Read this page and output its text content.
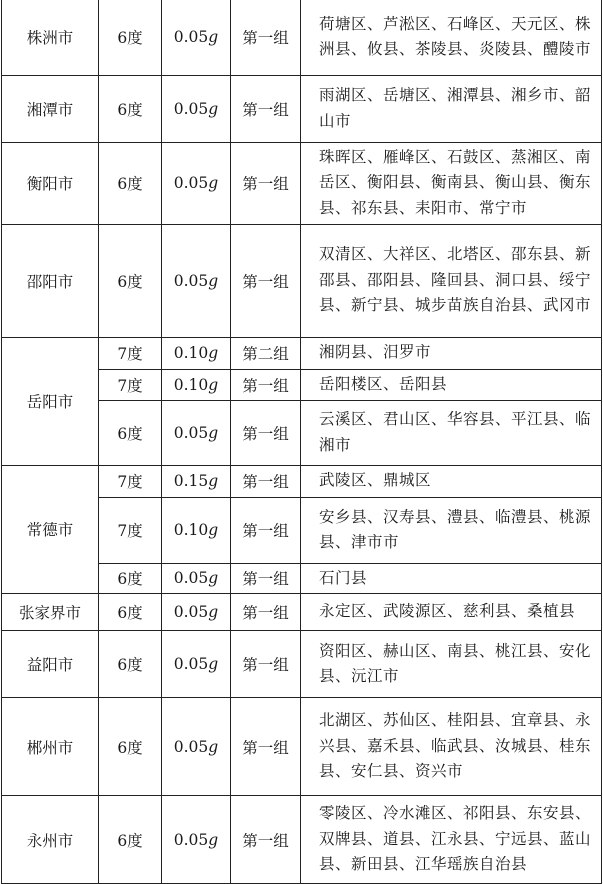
株洲市	6度	0.05g	第一组	荷塘区、芦淞区、石峰区、天元区、株洲县、攸县、茶陵县、炎陵县、醴陵市
湘潭市	6度	0.05g	第一组	雨湖区、岳塘区、湘潭县、湘乡市、韶山市
衡阳市	6度	0.05g	第一组	珠晖区、雁峰区、石鼓区、蒸湘区、南岳区、衡阳县、衡南县、衡山县、衡东县、祁东县、耒阳市、常宁市
邵阳市	6度	0.05g	第一组	双清区、大祥区、北塔区、邵东县、新邵县、邵阳县、隆回县、洞口县、绥宁县、新宁县、城步苗族自治县、武冈市
岳阳市	7度	0.10g	第二组	湘阴县、汨罗市
	7度	0.10g	第一组	岳阳楼区、岳阳县
	6度	0.05g	第一组	云溪区、君山区、华容县、平江县、临湘市
常德市	7度	0.15g	第一组	武陵区、鼎城区
	7度	0.10g	第一组	安乡县、汉寿县、澧县、临澧县、桃源县、津市市
	6度	0.05g	第一组	石门县
张家界市	6度	0.05g	第一组	永定区、武陵源区、慈利县、桑植县
益阳市	6度	0.05g	第一组	资阳区、赫山区、南县、桃江县、安化县、沅江市
郴州市	6度	0.05g	第一组	北湖区、苏仙区、桂阳县、宜章县、永兴县、嘉禾县、临武县、汝城县、桂东县、安仁县、资兴市
永州市	6度	0.05g	第一组	零陵区、冷水滩区、祁阳县、东安县、双牌县、道县、江永县、宁远县、蓝山县、新田县、江华瑶族自治县
